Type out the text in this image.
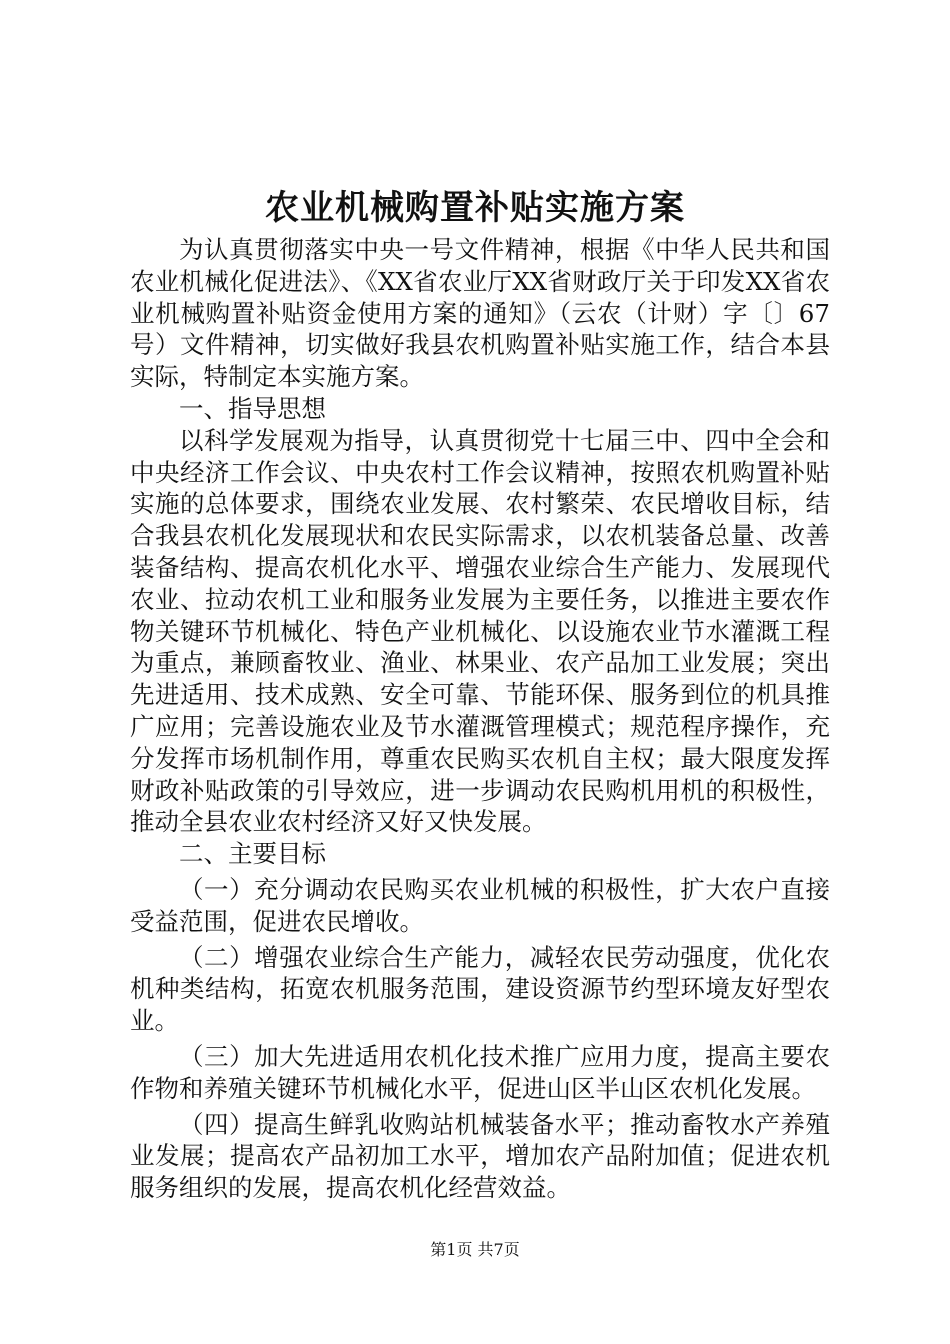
农业机械购置补贴实施方案

为认真贯彻落实中央一号文件精神，根据《中华人民共和国农业机械化促进法》、《XX省农业厅XX省财政厅关于印发XX省农业机械购置补贴资金使用方案的通知》（云农（计财）字〔〕67号）文件精神，切实做好我县农机购置补贴实施工作，结合本县实际，特制定本实施方案。

一、指导思想

以科学发展观为指导，认真贯彻党十七届三中、四中全会和中央经济工作会议、中央农村工作会议精神，按照农机购置补贴实施的总体要求，围绕农业发展、农村繁荣、农民增收目标，结合我县农机化发展现状和农民实际需求，以农机装备总量、改善装备结构、提高农机化水平、增强农业综合生产能力、发展现代农业、拉动农机工业和服务业发展为主要任务，以推进主要农作物关键环节机械化、特色产业机械化、以设施农业节水灌溉工程为重点，兼顾畜牧业、渔业、林果业、农产品加工业发展；突出先进适用、技术成熟、安全可靠、节能环保、服务到位的机具推广应用；完善设施农业及节水灌溉管理模式；规范程序操作，充分发挥市场机制作用，尊重农民购买农机自主权；最大限度发挥财政补贴政策的引导效应，进一步调动农民购机用机的积极性，推动全县农业农村经济又好又快发展。

二、主要目标

（一）充分调动农民购买农业机械的积极性，扩大农户直接受益范围，促进农民增收。

（二）增强农业综合生产能力，减轻农民劳动强度，优化农机种类结构，拓宽农机服务范围，建设资源节约型环境友好型农业。

（三）加大先进适用农机化技术推广应用力度，提高主要农作物和养殖关键环节机械化水平，促进山区半山区农机化发展。

（四）提高生鲜乳收购站机械装备水平；推动畜牧水产养殖业发展；提高农产品初加工水平，增加农产品附加值；促进农机服务组织的发展，提高农机化经营效益。

第1页 共7页
